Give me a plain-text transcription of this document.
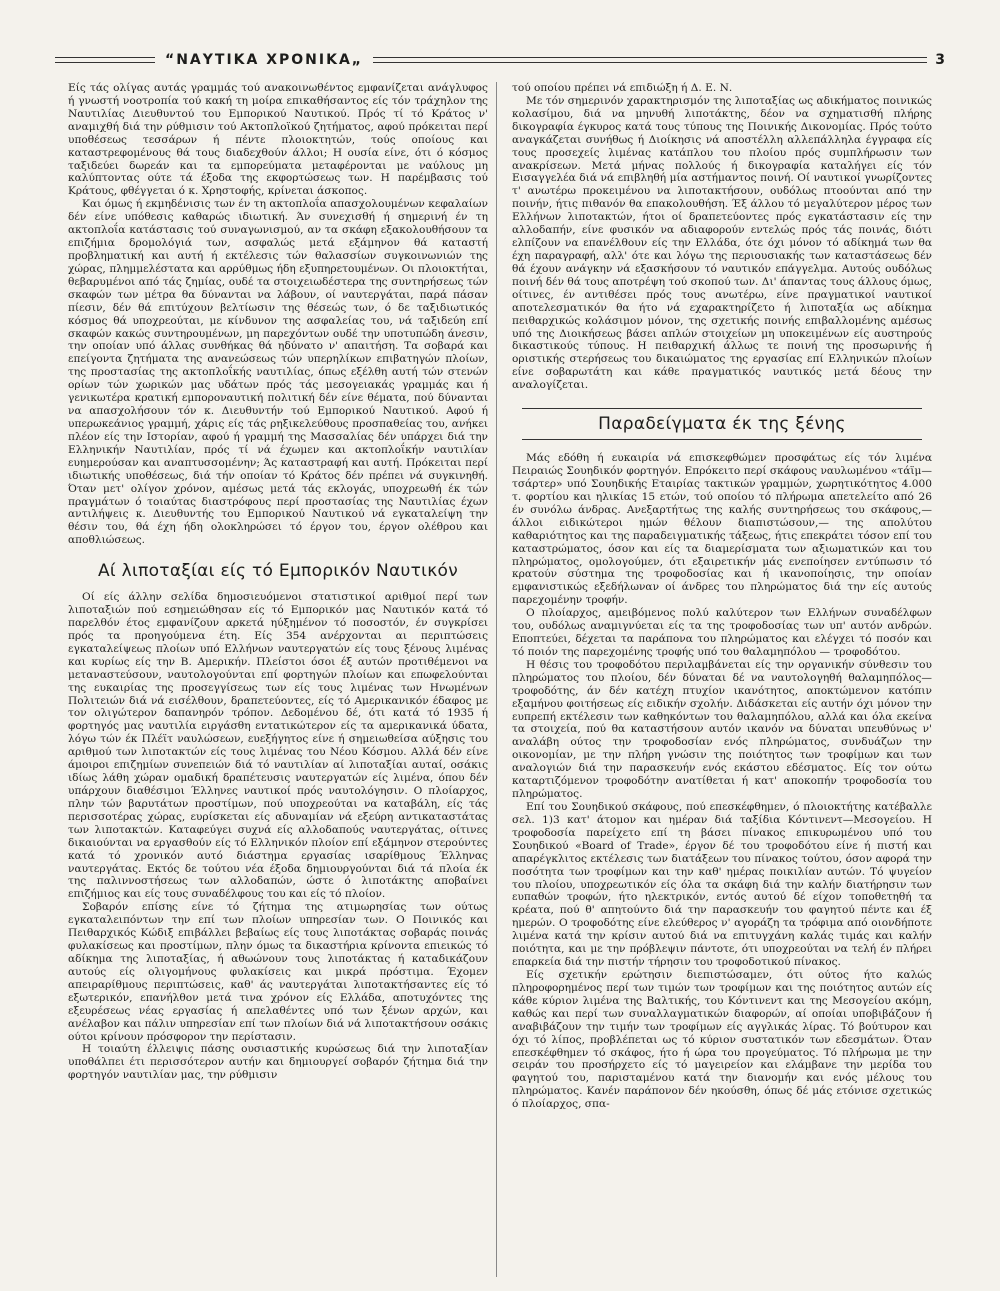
“ΝΑΥΤΙΚΑ ΧΡΟΝΙΚΑ„	3

Είς τάς ολίγας αυτάς γραμμάς τού ανακοινωθέντος εμφανίζεται ανάγλυφος ή γνωστή νοοτροπία τού κακή τη μοίρα επικαθήσαντος είς τόν τράχηλον της Ναυτιλίας Διευθυντού του Εμπορικού Ναυτικού. Πρός τί τό Κράτος ν' αναμιχθή διά την ρύθμισιν τού Ακτοπλοϊκού ζητήματος, αφού πρόκειται περί υποθέσεως τεσσάρων ή πέντε πλοιοκτητών, τούς οποίους και καταστρεφομένους θά τους διαδεχθούν άλλοι; Η ουσία είνε, ότι ό κόσμος ταξιδεύει δωρεάν και τα εμπορεύματα μεταφέρονται με ναύλους μη καλύπτοντας ούτε τά έξοδα της εκφορτώσεως των. Η παρέμβασις τού Κράτους, φθέγγεται ό κ. Χρηστοφής, κρίνεται άσκοπος.

Και όμως ή εκμηδένισις των έν τη ακτοπλοΐα απασχολουμένων κεφαλαίων δέν είνε υπόθεσις καθαρώς ιδιωτική. Άν συνεχισθή ή σημερινή έν τη ακτοπλοΐα κατάστασις τού συναγωνισμού, αν τα σκάφη εξακολουθήσουν τα επιζήμια δρομολόγιά των, ασφαλώς μετά εξάμηνον θά καταστή προβληματική και αυτή ή εκτέλεσις τών θαλασσίων συγκοινωνιών της χώρας, πλημμελέστατα και αρρύθμως ήδη εξυπηρετουμένων. Οι πλοιοκτήται, θεβαρυμένοι από τάς ζημίας, ουδέ τα στοιχειωδέστερα της συντηρήσεως τών σκαφών των μέτρα θα δύνανται να λάβουν, οί ναυτεργάται, παρά πάσαν πίεσιν, δέν θά επιτύχουν βελτίωσιν της θέσεώς των, ό δε ταξιδιωτικός κόσμος θά υποχρεούται, με κίνδυνον της ασφαλείας του, νά ταξιδεύη επί σκαφών κακώς συντηρουμένων, μη παρεχόντων ουδέ την υποτυπώδη άνεσιν, την οποίαν υπό άλλας συνθήκας θά ηδύνατο ν' απαιτήση. Τα σοβαρά και επείγοντα ζητήματα της ανανεώσεως τών υπερηλίκων επιβατηγών πλοίων, της προστασίας της ακτοπλοΐκής ναυτιλίας, όπως εξέλθη αυτή τών στενών ορίων τών χωρικών μας υδάτων πρός τάς μεσογειακάς γραμμάς και ή γενικωτέρα κρατική εμποροναυτική πολιτική δέν είνε θέματα, πού δύνανται να απασχολήσουν τόν κ. Διευθυντήν τού Εμπορικού Ναυτικού. Αφού ή υπερωκεάνιος γραμμή, χάρις είς τάς ρηξικελεύθους προσπαθείας του, ανήκει πλέον είς την Ιστορίαν, αφού ή γραμμή της Μασσαλίας δέν υπάρχει διά την Ελληνικήν Ναυτιλίαν, πρός τί νά έχωμεν και ακτοπλοΐκήν ναυτιλίαν ευημερούσαν και αναπτυσσομένην; Άς καταστραφή και αυτή. Πρόκειται περί ιδιωτικής υποθέσεως, διά τήν οποίαν τό Κράτος δέν πρέπει νά συγκινηθή. Όταν μετ' ολίγον χρόνον, αμέσως μετά τάς εκλογάς, υποχρεωθή έκ τών πραγμάτων ό τοιαύτας διαστρόφους περί προστασίας της Ναυτιλίας έχων αντιλήψεις κ. Διευθυντής του Εμπορικού Ναυτικού νά εγκαταλείψη την θέσιν του, θά έχη ήδη ολοκληρώσει τό έργον του, έργον ολέθρου και αποθλιώσεως.

Αί λιποταξίαι είς τό Εμπορικόν Ναυτικόν

Οί είς άλλην σελίδα δημοσιευόμενοι στατιστικοί αριθμοί περί των λιποταξιών πού εσημειώθησαν είς τό Εμπορικόν μας Ναυτικόν κατά τό παρελθόν έτος εμφανίζουν αρκετά ηύξημένον τό ποσοστόν, έν συγκρίσει πρός τα προηγούμενα έτη. Είς 354 ανέρχονται αι περιπτώσεις εγκαταλείψεως πλοίων υπό Ελλήνων ναυτεργατών είς τους ξένους λιμένας και κυρίως είς την Β. Αμερικήν. Πλείστοι όσοι έξ αυτών προτιθέμενοι να μεταναστεύσουν, ναυτολογούνται επί φορτηγών πλοίων και επωφελούνται της ευκαιρίας της προσεγγίσεως των είς τους λιμένας των Ηνωμένων Πολιτειών διά νά εισέλθουν, δραπετεύοντες, είς τό Αμερικανικόν έδαφος με τον ολιγώτερον δαπανηρόν τρόπον. Δεδομένου δέ, ότι κατά τό 1935 ή φορτηγός μας ναυτιλία ειργάσθη εντατικώτερον είς τα αμερικανικά ύδατα, λόγω τών έκ Πλέϊτ ναυλώσεων, ευεξήγητος είνε ή σημειωθείσα αύξησις του αριθμού των λιποτακτών είς τους λιμένας του Νέου Κόσμου. Αλλά δέν είνε άμοιροι επιζημίων συνεπειών διά τό ναυτιλίαν αί λιποταξίαι αυταί, οσάκις ιδίως λάθη χώραν ομαδική δραπέτευσις ναυτεργατών είς λιμένα, όπου δέν υπάρχουν διαθέσιμοι Έλληνες ναυτικοί πρός ναυτολόγησιν. Ο πλοίαρχος, πλην τών βαρυτάτων προστίμων, πού υποχρεούται να καταβάλη, είς τάς περισσοτέρας χώρας, ευρίσκεται είς αδυναμίαν νά εξεύρη αντικαταστάτας των λιποτακτών. Καταφεύγει συχνά είς αλλοδαπούς ναυτεργάτας, οίτινες δικαιούνται να εργασθούν είς τό Ελληνικόν πλοίον επί εξάμηνον στερούντες κατά τό χρονικόν αυτό διάστημα εργασίας ισαρίθμους Έλληνας ναυτεργάτας. Εκτός δε τούτου νέα έξοδα δημιουργούνται διά τά πλοία έκ της παλιννοστήσεως των αλλοδαπών, ώστε ό λιποτάκτης αποβαίνει επιζήμιος και είς τους συναδέλφους του και είς τό πλοίον.

Σοβαρόν επίσης είνε τό ζήτημα της ατιμωρησίας των ούτως εγκαταλειπόντων την επί των πλοίων υπηρεσίαν των. Ο Ποινικός και Πειθαρχικός Κώδιξ επιβάλλει βεβαίως είς τους λιποτάκτας σοβαράς ποινάς φυλακίσεως και προστίμων, πλην όμως τα δικαστήρια κρίνοντα επιεικώς τό αδίκημα της λιποταξίας, ή αθωώνουν τους λιποτάκτας ή καταδικάζουν αυτούς είς ολιγομήνους φυλακίσεις και μικρά πρόστιμα. Έχομεν απειραρίθμους περιπτώσεις, καθ' άς ναυτεργάται λιποτακτήσαντες είς τό εξωτερικόν, επανήλθον μετά τινα χρόνον είς Ελλάδα, αποτυχόντες της εξευρέσεως νέας εργασίας ή απελαθέντες υπό των ξένων αρχών, και ανέλαβον και πάλιν υπηρεσίαν επί των πλοίων διά νά λιποτακτήσουν οσάκις ούτοι κρίνουν πρόσφορον την περίστασιν.

Η τοιαύτη έλλειψις πάσης ουσιαστικής κυρώσεως διά την λιποταξίαν υποθάλπει έτι περισσότερον αυτήν και δημιουργεί σοβαρόν ζήτημα διά την φορτηγόν ναυτιλίαν μας, την ρύθμισιν

τού οποίου πρέπει νά επιδιώξη ή Δ. Ε. Ν.

Με τόν σημερινόν χαρακτηρισμόν της λιποταξίας ως αδικήματος ποινικώς κολασίμου, διά να μηνυθή λιποτάκτης, δέον να σχηματισθή πλήρης δικογραφία έγκυρος κατά τους τύπους της Ποινικής Δικονομίας. Πρός τούτο αναγκάζεται συνήθως ή Διοίκησις νά αποστέλλη αλλεπάλληλα έγγραφα είς τους προσεχείς λιμένας κατάπλου του πλοίου πρός συμπλήρωσιν των ανακρίσεων. Μετά μήνας πολλούς ή δικογραφία καταλήγει είς τόν Εισαγγελέα διά νά επιβληθή μία αστήμαντος ποινή. Οί ναυτικοί γνωρίζοντες τ' ανωτέρω προκειμένου να λιποτακτήσουν, ουδόλως πτοούνται από την ποινήν, ήτις πιθανόν θα επακολουθήση. Έξ άλλου τό μεγαλύτερον μέρος των Ελλήνων λιποτακτών, ήτοι οί δραπετεύοντες πρός εγκατάστασιν είς την αλλοδαπήν, είνε φυσικόν να αδιαφορούν εντελώς πρός τάς ποινάς, διότι ελπίζουν να επανέλθουν είς την Ελλάδα, ότε όχι μόνον τό αδίκημά των θα έχη παραγραφή, αλλ' ότε και λόγω της περιουσιακής των καταστάσεως δέν θά έχουν ανάγκην νά εξασκήσουν τό ναυτικόν επάγγελμα. Αυτούς ουδόλως ποινή δέν θά τους αποτρέψη τού σκοπού των. Δι' άπαντας τους άλλους όμως, οίτινες, έν αντιθέσει πρός τους ανωτέρω, είνε πραγματικοί ναυτικοί αποτελεσματικόν θα ήτο νά εχαρακτηρίζετο ή λιποταξία ως αδίκημα πειθαρχικώς κολάσιμον μόνον, της σχετικής ποινής επιβαλλομένης αμέσως υπό της Διοικήσεως βάσει απλών στοιχείων μη υποκειμένων είς αυστηρούς δικαστικούς τύπους. Η πειθαρχική άλλως τε ποινή της προσωρινής ή οριστικής στερήσεως του δικαιώματος της εργασίας επί Ελληνικών πλοίων είνε σοβαρωτάτη και κάθε πραγματικός ναυτικός μετά δέους την αναλογίζεται.

Παραδείγματα έκ της ξένης

Μάς εδόθη ή ευκαιρία νά επισκεφθώμεν προσφάτως είς τόν λιμένα Πειραιώς Σουηδικόν φορτηγόν. Επρόκειτο περί σκάφους ναυλωμένου «τάϊμ—τσάρτερ» υπό Σουηδικής Εταιρίας τακτικών γραμμών, χωρητικότητος 4.000 τ. φορτίου και ηλικίας 15 ετών, τού οποίου τό πλήρωμα απετελείτο από 26 έν συνόλω άνδρας. Ανεξαρτήτως της καλής συντηρήσεως του σκάφους,— άλλοι ειδικώτεροι ημών θέλουν διαπιστώσουν,— της απολύτου καθαριότητος και της παραδειγματικής τάξεως, ήτις επεκράτει τόσον επί του καταστρώματος, όσον και είς τα διαμερίσματα των αξιωματικών και του πληρώματος, ομολογούμεν, ότι εξαιρετικήν μάς ενεποίησεν εντύπωσιν τό κρατούν σύστημα της τροφοδοσίας και ή ικανοποίησις, την οποίαν εμφανιστικώς εξεδήλωναν οί άνδρες του πληρώματος διά την είς αυτούς παρεχομένην τροφήν.

Ο πλοίαρχος, αμειβόμενος πολύ καλύτερον των Ελλήνων συναδέλφων του, ουδόλως αναμιγνύεται είς τα της τροφοδοσίας των υπ' αυτόν ανδρών. Εποπτεύει, δέχεται τα παράπονα του πληρώματος και ελέγχει τό ποσόν και τό ποιόν της παρεχομένης τροφής υπό του θαλαμηπόλου — τροφοδότου.

Η θέσις του τροφοδότου περιλαμβάνεται είς την οργανικήν σύνθεσιν του πληρώματος του πλοίου, δέν δύναται δέ να ναυτολογηθή θαλαμηπόλος—τροφοδότης, άν δέν κατέχη πτυχίον ικανότητος, αποκτώμενον κατόπιν εξαμήνου φοιτήσεως είς ειδικήν σχολήν. Διδάσκεται είς αυτήν όχι μόνον την ευπρεπή εκτέλεσιν των καθηκόντων του θαλαμηπόλου, αλλά και όλα εκείνα τα στοιχεία, πού θα καταστήσουν αυτόν ικανόν να δύναται υπευθύνως ν' αναλάβη ούτος την τροφοδοσίαν ενός πληρώματος, συνδυάζων την οικονομίαν, με την πλήρη γνώσιν της ποιότητος των τροφίμων και των αναλογιών διά την παρασκευήν ενός εκάστου εδέσματος. Είς τον ούτω καταρτιζόμενον τροφοδότην ανατίθεται ή κατ' αποκοπήν τροφοδοσία του πληρώματος.

Επί του Σουηδικού σκάφους, πού επεσκέφθημεν, ό πλοιοκτήτης κατέβαλλε σελ. 1)3 κατ' άτομον και ημέραν διά ταξίδια Κόντινεντ—Μεσογείου. Η τροφοδοσία παρείχετο επί τη βάσει πίνακος επικυρωμένου υπό του Σουηδικού «Board of Trade», έργον δέ του τροφοδότου είνε ή πιστή και απαρέγκλιτος εκτέλεσις των διατάξεων του πίνακος τούτου, όσον αφορά την ποσότητα των τροφίμων και την καθ' ημέρας ποικιλίαν αυτών. Τό ψυγείον του πλοίου, υποχρεωτικόν είς όλα τα σκάφη διά την καλήν διατήρησιν των ευπαθών τροφών, ήτο ηλεκτρικόν, εντός αυτού δέ είχον τοποθετηθή τα κρέατα, πού θ' απητούντο διά την παρασκευήν του φαγητού πέντε και έξ ημερών. Ο τροφοδότης είνε ελεύθερος ν' αγοράζη τα τρόφιμα από οιονδήποτε λιμένα κατά την κρίσιν αυτού διά να επιτυγχάνη καλάς τιμάς και καλήν ποιότητα, και με την πρόβλεψιν πάντοτε, ότι υποχρεούται να τελή έν πλήρει επαρκεία διά την πιστήν τήρησιν του τροφοδοτικού πίνακος.

Είς σχετικήν ερώτησιν διεπιστώσαμεν, ότι ούτος ήτο καλώς πληροφορημένος περί των τιμών των τροφίμων και της ποιότητος αυτών είς κάθε κύριον λιμένα της Βαλτικής, του Κόντινεντ και της Μεσογείου ακόμη, καθώς και περί των συναλλαγματικών διαφορών, αί οποίαι υποβιβάζουν ή αναβιβάζουν την τιμήν των τροφίμων είς αγγλικάς λίρας. Τό βούτυρον και όχι τό λίπος, προβλέπεται ως τό κύριον συστατικόν των εδεσμάτων. Όταν επεσκέφθημεν τό σκάφος, ήτο ή ώρα του προγεύματος. Τό πλήρωμα με την σειράν του προσήρχετο είς τό μαγειρείον και ελάμβανε την μερίδα του φαγητού του, παρισταμένου κατά την διανομήν και ενός μέλους του πληρώματος. Κανέν παράπονον δέν ηκούσθη, όπως δέ μάς ετόνισε σχετικώς ό πλοίαρχος, σπα-
